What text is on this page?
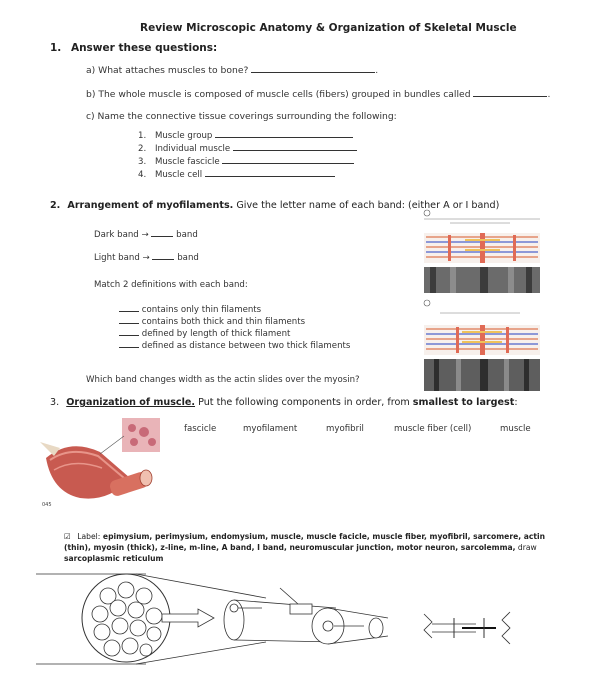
Review Microscopic Anatomy & Organization of Skeletal Muscle
1. Answer these questions:
a) What attaches muscles to bone?	.
b) The whole muscle is composed of muscle cells (fibers) grouped in bundles called	.
c) Name the connective tissue coverings surrounding the following:
1. Muscle group
2. Individual muscle
3. Muscle fascicle
4. Muscle cell
2. Arrangement of myofilaments. Give the letter name of each band: (either A or I band)
Dark band →	band
Light band →	band
Match 2 definitions with each band:
contains only thin filaments
contains both thick and thin filaments
defined by length of thick filament
defined as distance between two thick filaments
Which band changes width as the actin slides over the myosin?
3. Organization of muscle. Put the following components in order, from smallest to largest:
fascicle	myofilament	myofibril	muscle fiber (cell)	muscle
045
☑ Label: epimysium, perimysium, endomysium, muscle, muscle facicle, muscle fiber, myofibril, sarcomere, actin (thin), myosin (thick), z-line, m-line, A band, I band, neuromuscular junction, motor neuron, sarcolemma, draw sarcoplasmic reticulum
